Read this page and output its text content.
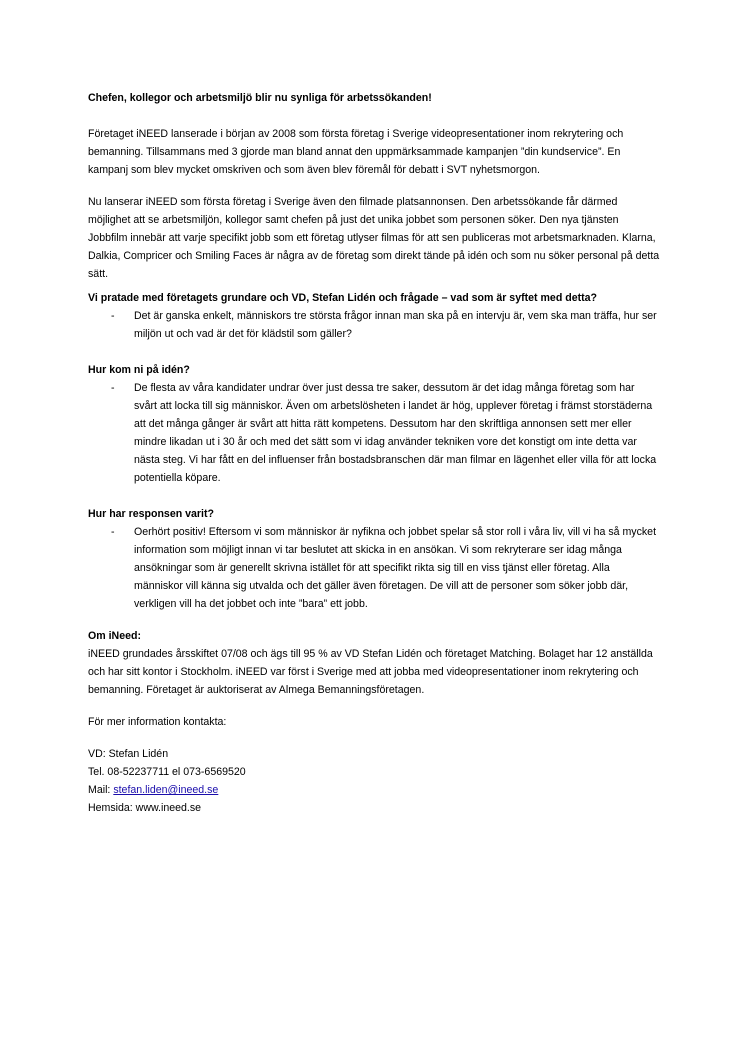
Chefen, kollegor och arbetsmiljö blir nu synliga för arbetssökanden!

Företaget iNEED lanserade i början av 2008 som första företag i Sverige videopresentationer inom rekrytering och bemanning. Tillsammans med 3 gjorde man bland annat den uppmärksammade kampanjen ”din kundservice”. En kampanj som blev mycket omskriven och som även blev föremål för debatt i SVT nyhetsmorgon.

Nu lanserar iNEED som första företag i Sverige även den filmade platsannonsen. Den arbetssökande får därmed möjlighet att se arbetsmiljön, kollegor samt chefen på just det unika jobbet som personen söker. Den nya tjänsten Jobbfilm innebär att varje specifikt jobb som ett företag utlyser filmas för att sen publiceras mot arbetsmarknaden. Klarna, Dalkia, Compricer och Smiling Faces är några av de företag som direkt tände på idén och som nu söker personal på detta sätt.

Vi pratade med företagets grundare och VD, Stefan Lidén och frågade – vad som är syftet med detta?

- Det är ganska enkelt, människors tre största frågor innan man ska på en intervju är, vem ska man träffa, hur ser miljön ut och vad är det för klädstil som gäller?

Hur kom ni på idén?

- De flesta av våra kandidater undrar över just dessa tre saker, dessutom är det idag många företag som har svårt att locka till sig människor. Även om arbetslösheten i landet är hög, upplever företag i främst storstäderna att det många gånger är svårt att hitta rätt kompetens. Dessutom har den skriftliga annonsen sett mer eller mindre likadan ut i 30 år och med det sätt som vi idag använder tekniken vore det konstigt om inte detta var nästa steg. Vi har fått en del influenser från bostadsbranschen där man filmar en lägenhet eller villa för att locka potentiella köpare.

Hur har responsen varit?

- Oerhört positiv! Eftersom vi som människor är nyfikna och jobbet spelar så stor roll i våra liv, vill vi ha så mycket information som möjligt innan vi tar beslutet att skicka in en ansökan. Vi som rekryterare ser idag många ansökningar som är generellt skrivna istället för att specifikt rikta sig till en viss tjänst eller företag. Alla människor vill känna sig utvalda och det gäller även företagen. De vill att de personer som söker jobb där, verkligen vill ha det jobbet och inte ”bara” ett jobb.

Om iNeed:

iNEED grundades årsskiftet 07/08 och ägs till 95 % av VD Stefan Lidén och företaget Matching. Bolaget har 12 anställda och har sitt kontor i Stockholm. iNEED var först i Sverige med att jobba med videopresentationer inom rekrytering och bemanning. Företaget är auktoriserat av Almega Bemanningsföretagen.

För mer information kontakta:

VD: Stefan Lidén

Tel. 08-52237711 el 073-6569520

Mail: stefan.liden@ineed.se

Hemsida: www.ineed.se
